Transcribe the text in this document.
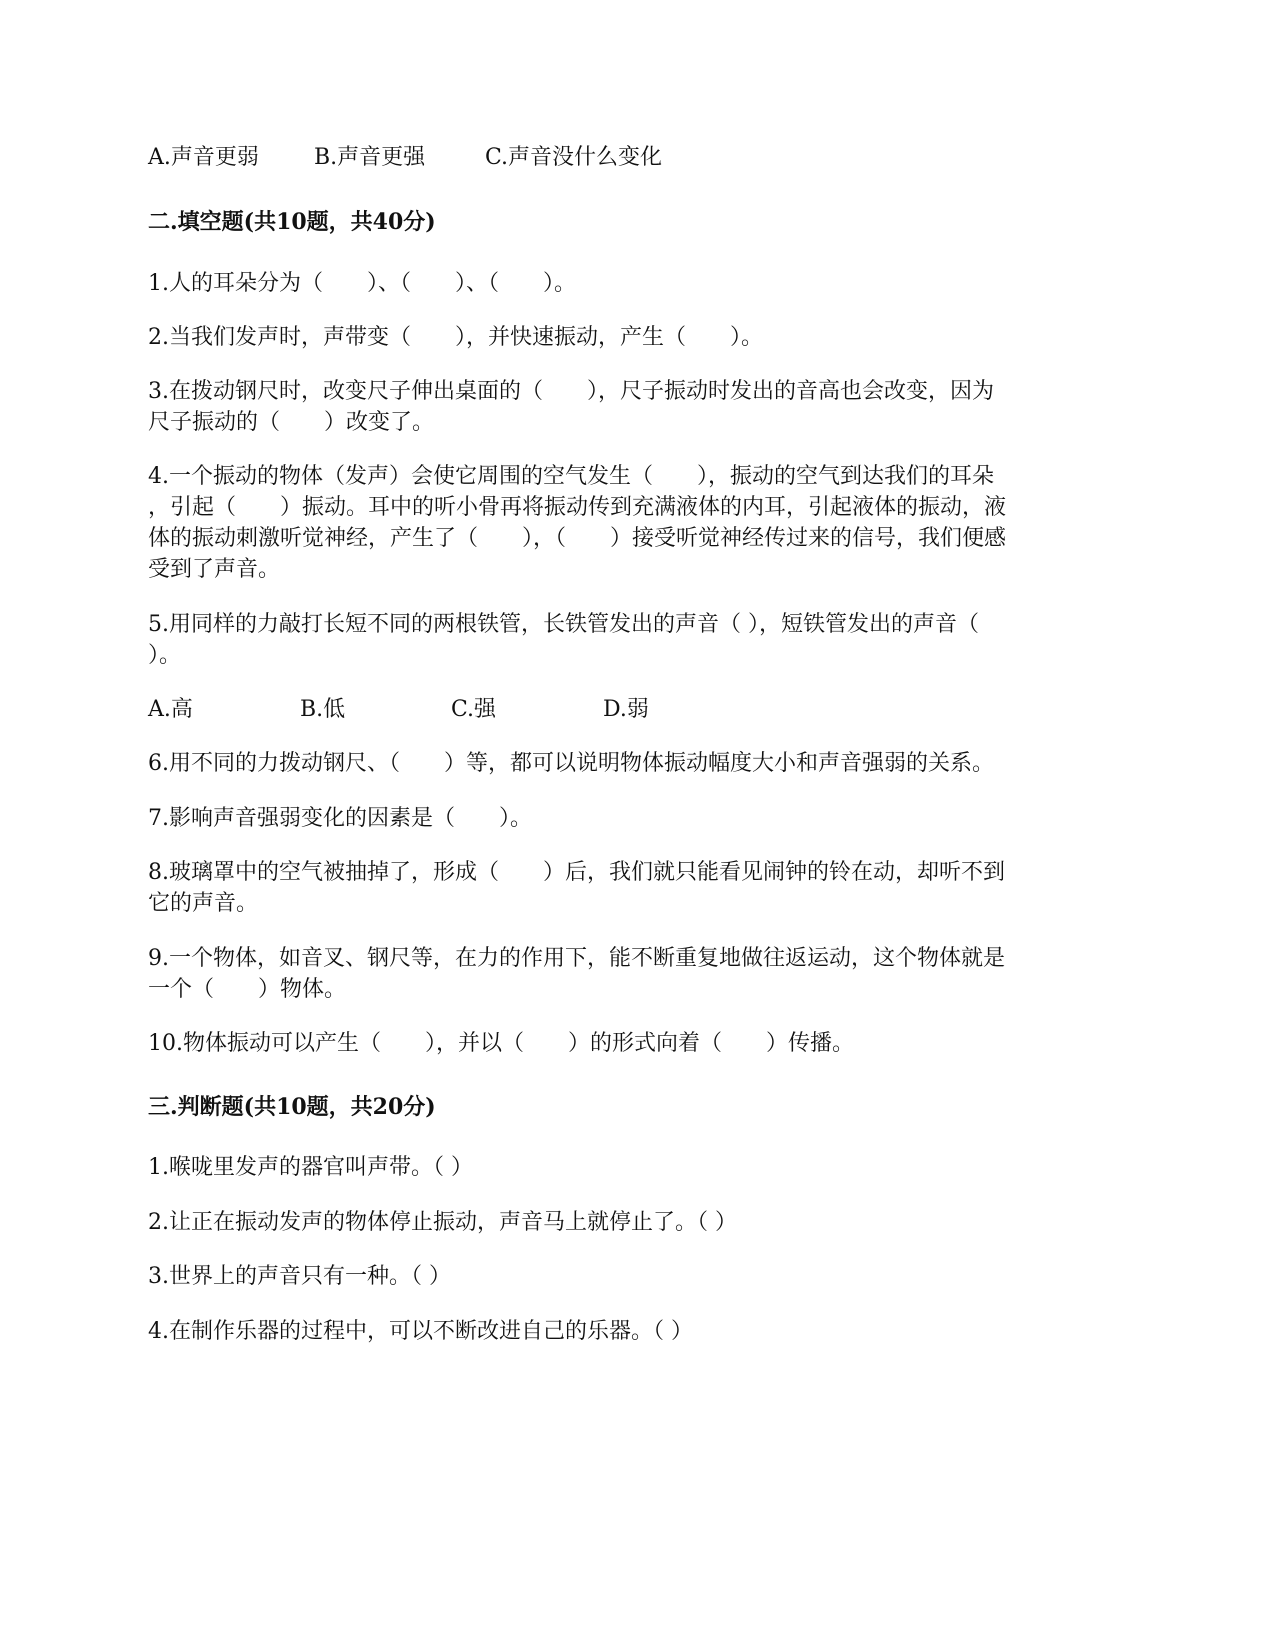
A.声音更弱	B.声音更强	C.声音没什么变化
二.填空题(共10题，共40分)
1.人的耳朵分为（　　）、（　　）、（　　）。
2.当我们发声时，声带变（　　），并快速振动，产生（　　）。
3.在拨动钢尺时，改变尺子伸出桌面的（　　），尺子振动时发出的音高也会改变，因为
尺子振动的（　　）改变了。
4.一个振动的物体（发声）会使它周围的空气发生（　　），振动的空气到达我们的耳朵
，引起（　　）振动。耳中的听小骨再将振动传到充满液体的内耳，引起液体的振动，液
体的振动刺激听觉神经，产生了（　　），（　　）接受听觉神经传过来的信号，我们便感
受到了声音。
5.用同样的力敲打长短不同的两根铁管，长铁管发出的声音（ ），短铁管发出的声音（
）。
A.高	B.低	C.强	D.弱
6.用不同的力拨动钢尺、（　　）等，都可以说明物体振动幅度大小和声音强弱的关系。
7.影响声音强弱变化的因素是（　　）。
8.玻璃罩中的空气被抽掉了，形成（　　）后，我们就只能看见闹钟的铃在动，却听不到
它的声音。
9.一个物体，如音叉、钢尺等，在力的作用下，能不断重复地做往返运动，这个物体就是
一个（　　）物体。
10.物体振动可以产生（　　），并以（　　）的形式向着（　　）传播。
三.判断题(共10题，共20分)
1.喉咙里发声的器官叫声带。（ ）
2.让正在振动发声的物体停止振动，声音马上就停止了。（ ）
3.世界上的声音只有一种。（ ）
4.在制作乐器的过程中，可以不断改进自己的乐器。（ ）
